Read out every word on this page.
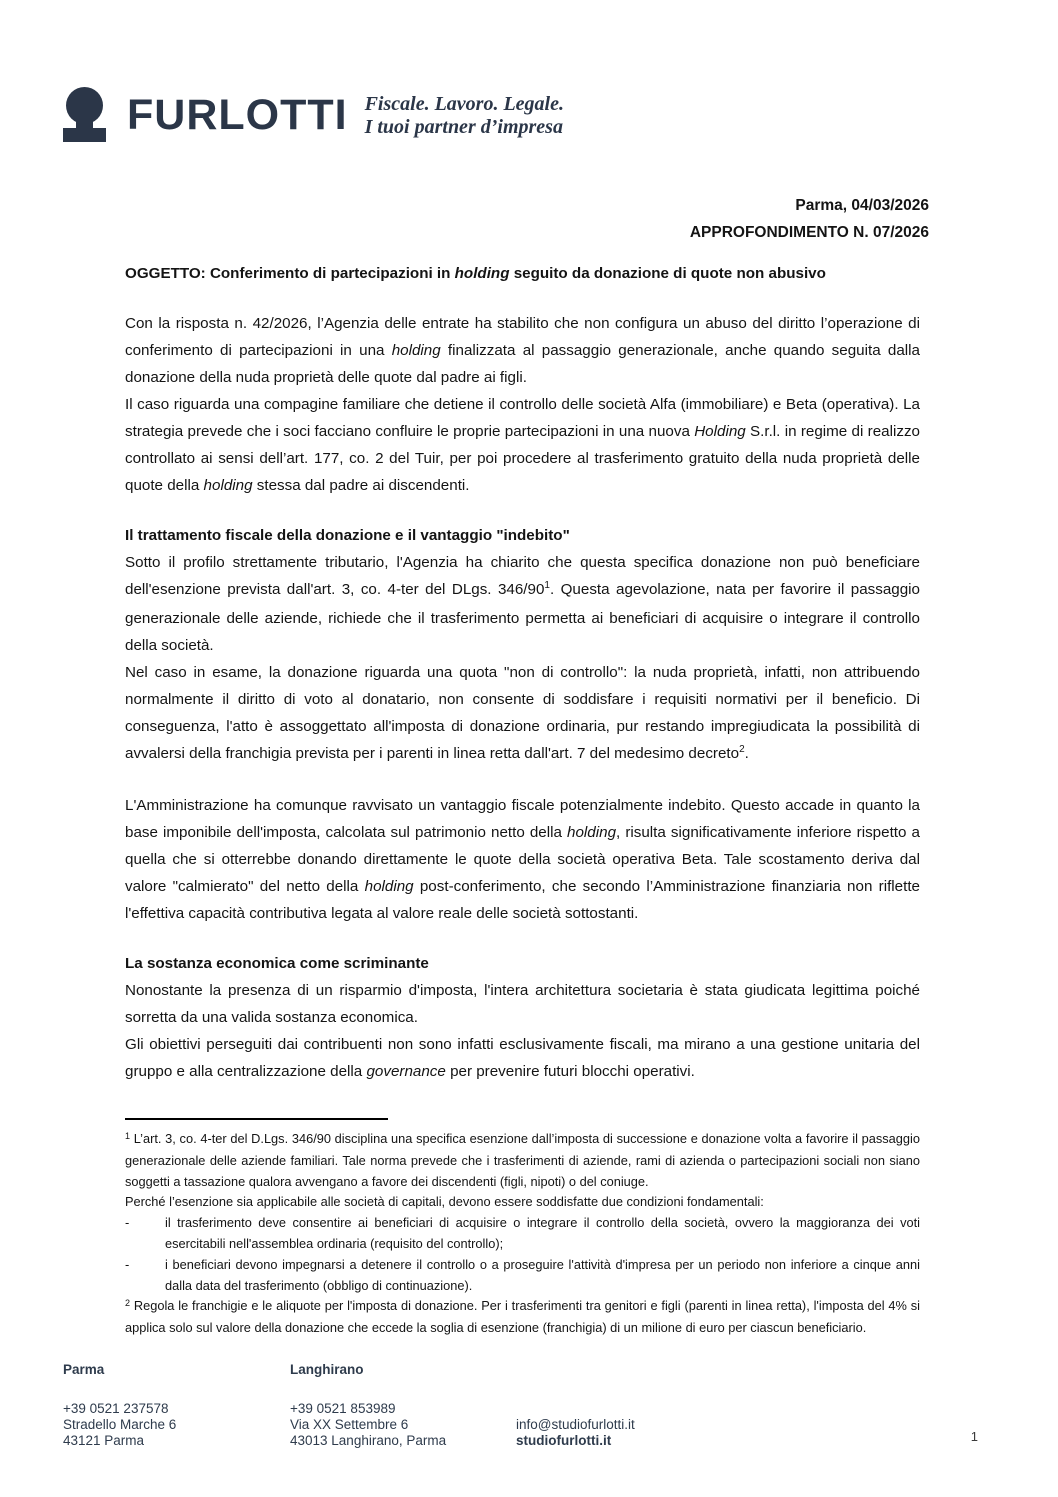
FURLOTTI Fiscale. Lavoro. Legale.
I tuoi partner d’impresa
Parma, 04/03/2026
APPROFONDIMENTO N. 07/2026
OGGETTO: Conferimento di partecipazioni in holding seguito da donazione di quote non abusivo
Con la risposta n. 42/2026, l’Agenzia delle entrate ha stabilito che non configura un abuso del diritto l’operazione di conferimento di partecipazioni in una holding finalizzata al passaggio generazionale, anche quando seguita dalla donazione della nuda proprietà delle quote dal padre ai figli.
Il caso riguarda una compagine familiare che detiene il controllo delle società Alfa (immobiliare) e Beta (operativa). La strategia prevede che i soci facciano confluire le proprie partecipazioni in una nuova Holding S.r.l. in regime di realizzo controllato ai sensi dell’art. 177, co. 2 del Tuir, per poi procedere al trasferimento gratuito della nuda proprietà delle quote della holding stessa dal padre ai discendenti.
Il trattamento fiscale della donazione e il vantaggio "indebito"
Sotto il profilo strettamente tributario, l'Agenzia ha chiarito che questa specifica donazione non può beneficiare dell'esenzione prevista dall'art. 3, co. 4-ter del DLgs. $346/90^1$. Questa agevolazione, nata per favorire il passaggio generazionale delle aziende, richiede che il trasferimento permetta ai beneficiari di acquisire o integrare il controllo della società.
Nel caso in esame, la donazione riguarda una quota "non di controllo": la nuda proprietà, infatti, non attribuendo normalmente il diritto di voto al donatario, non consente di soddisfare i requisiti normativi per il beneficio. Di conseguenza, l'atto è assoggettato all'imposta di donazione ordinaria, pur restando impregiudicata la possibilità di avvalersi della franchigia prevista per i parenti in linea retta dall'art. 7 del medesimo decreto$^2$.
L'Amministrazione ha comunque ravvisato un vantaggio fiscale potenzialmente indebito. Questo accade in quanto la base imponibile dell'imposta, calcolata sul patrimonio netto della holding, risulta significativamente inferiore rispetto a quella che si otterrebbe donando direttamente le quote della società operativa Beta. Tale scostamento deriva dal valore "calmierato" del netto della holding post-conferimento, che secondo l’Amministrazione finanziaria non riflette l'effettiva capacità contributiva legata al valore reale delle società sottostanti.
La sostanza economica come scriminante
Nonostante la presenza di un risparmio d'imposta, l'intera architettura societaria è stata giudicata legittima poiché sorretta da una valida sostanza economica.
Gli obiettivi perseguiti dai contribuenti non sono infatti esclusivamente fiscali, ma mirano a una gestione unitaria del gruppo e alla centralizzazione della governance per prevenire futuri blocchi operativi.
$^1$ L’art. 3, co. 4-ter del D.Lgs. 346/90 disciplina una specifica esenzione dall’imposta di successione e donazione volta a favorire il passaggio generazionale delle aziende familiari. Tale norma prevede che i trasferimenti di aziende, rami di azienda o partecipazioni sociali non siano soggetti a tassazione qualora avvengano a favore dei discendenti (figli, nipoti) o del coniuge.
Perché l’esenzione sia applicabile alle società di capitali, devono essere soddisfatte due condizioni fondamentali:
-	il trasferimento deve consentire ai beneficiari di acquisire o integrare il controllo della società, ovvero la maggioranza dei voti esercitabili nell'assemblea ordinaria (requisito del controllo);
-	i beneficiari devono impegnarsi a detenere il controllo o a proseguire l'attività d'impresa per un periodo non inferiore a cinque anni dalla data del trasferimento (obbligo di continuazione).
$^2$ Regola le franchigie e le aliquote per l'imposta di donazione. Per i trasferimenti tra genitori e figli (parenti in linea retta), l'imposta del 4% si applica solo sul valore della donazione che eccede la soglia di esenzione (franchigia) di un milione di euro per ciascun beneficiario.
Parma
+39 0521 237578
Stradello Marche 6
43121 Parma
Langhirano
+39 0521 853989
Via XX Settembre 6
43013 Langhirano, Parma
info@studiofurlotti.it
studiofurlotti.it	1
